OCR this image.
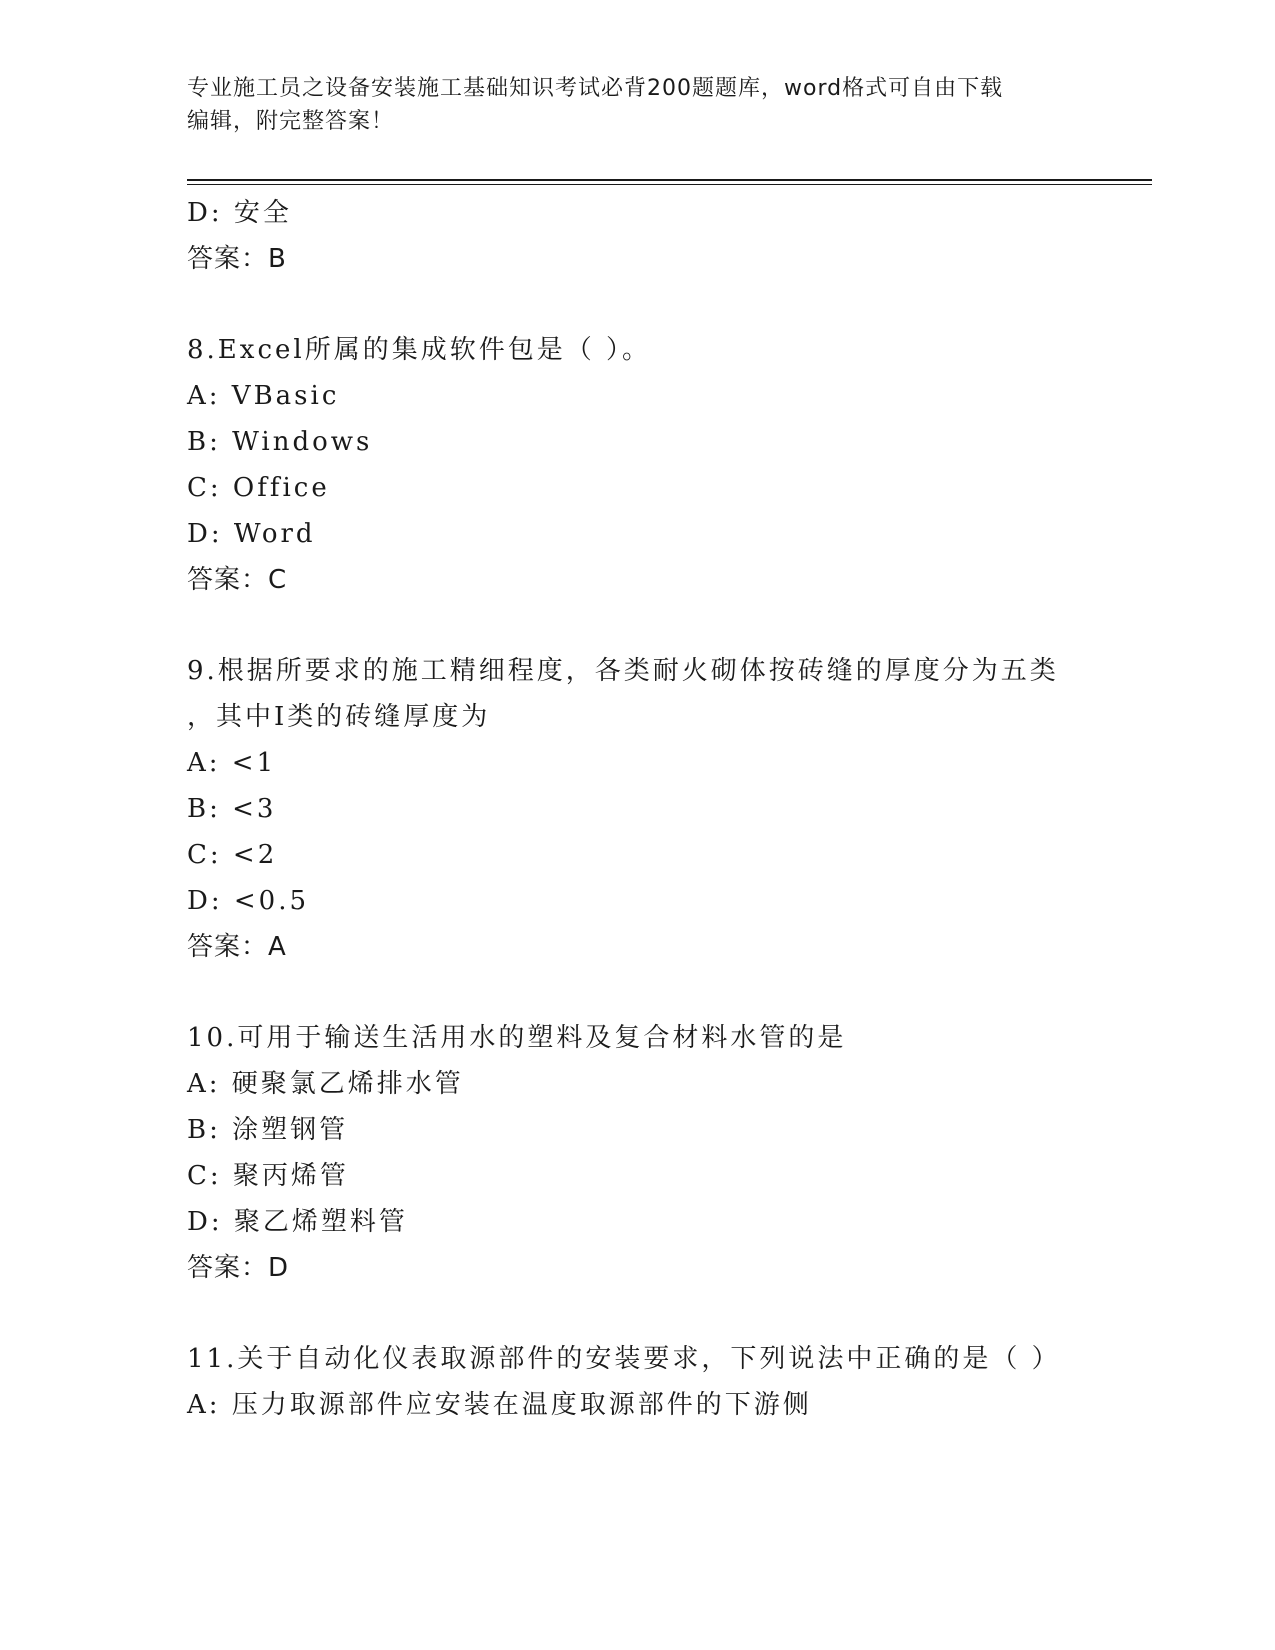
专业施工员之设备安装施工基础知识考试必背200题题库，word格式可自由下载
编辑，附完整答案！
D: 安全
答案：B
8.Excel所属的集成软件包是（ ）。
A: VBasic
B: Windows
C: Office
D: Word
答案：C
9.根据所要求的施工精细程度，各类耐火砌体按砖缝的厚度分为五类
，其中Ⅰ类的砖缝厚度为
A: <1
B: <3
C: <2
D: <0.5
答案：A
10.可用于输送生活用水的塑料及复合材料水管的是
A: 硬聚氯乙烯排水管
B: 涂塑钢管
C: 聚丙烯管
D: 聚乙烯塑料管
答案：D
11.关于自动化仪表取源部件的安装要求，下列说法中正确的是（ ）
A: 压力取源部件应安装在温度取源部件的下游侧
